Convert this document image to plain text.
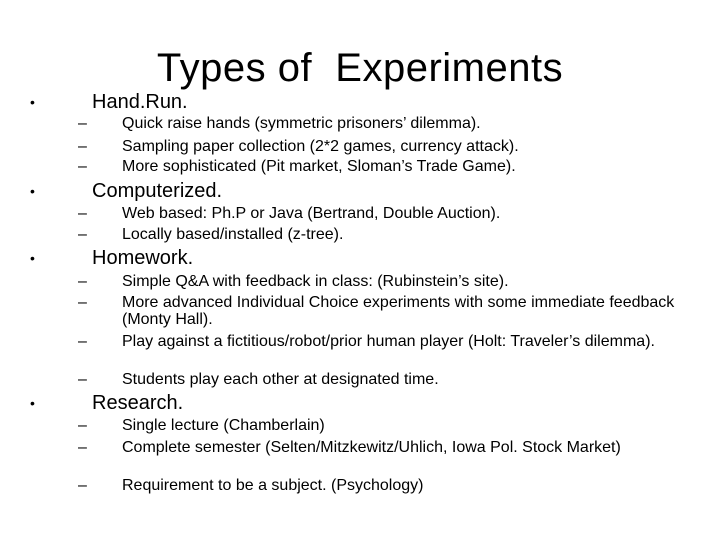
Types of  Experiments
•	Hand.Run.
– Quick raise hands (symmetric prisoners’ dilemma).
– Sampling paper collection (2*2 games, currency attack).
– More sophisticated (Pit market, Sloman’s Trade Game).
•	Computerized.
– Web based: Ph.P or Java (Bertrand, Double Auction).
– Locally based/installed (z-tree).
•	Homework.
– Simple Q&A with feedback in class: (Rubinstein’s site).
– More advanced Individual Choice experiments with some immediate feedback (Monty Hall).
– Play against a fictitious/robot/prior human player (Holt: Traveler’s dilemma).
– Students play each other at designated time.
•	Research.
– Single lecture (Chamberlain)
– Complete semester (Selten/Mitzkewitz/Uhlich, Iowa Pol. Stock Market)
– Requirement to be a subject. (Psychology)
